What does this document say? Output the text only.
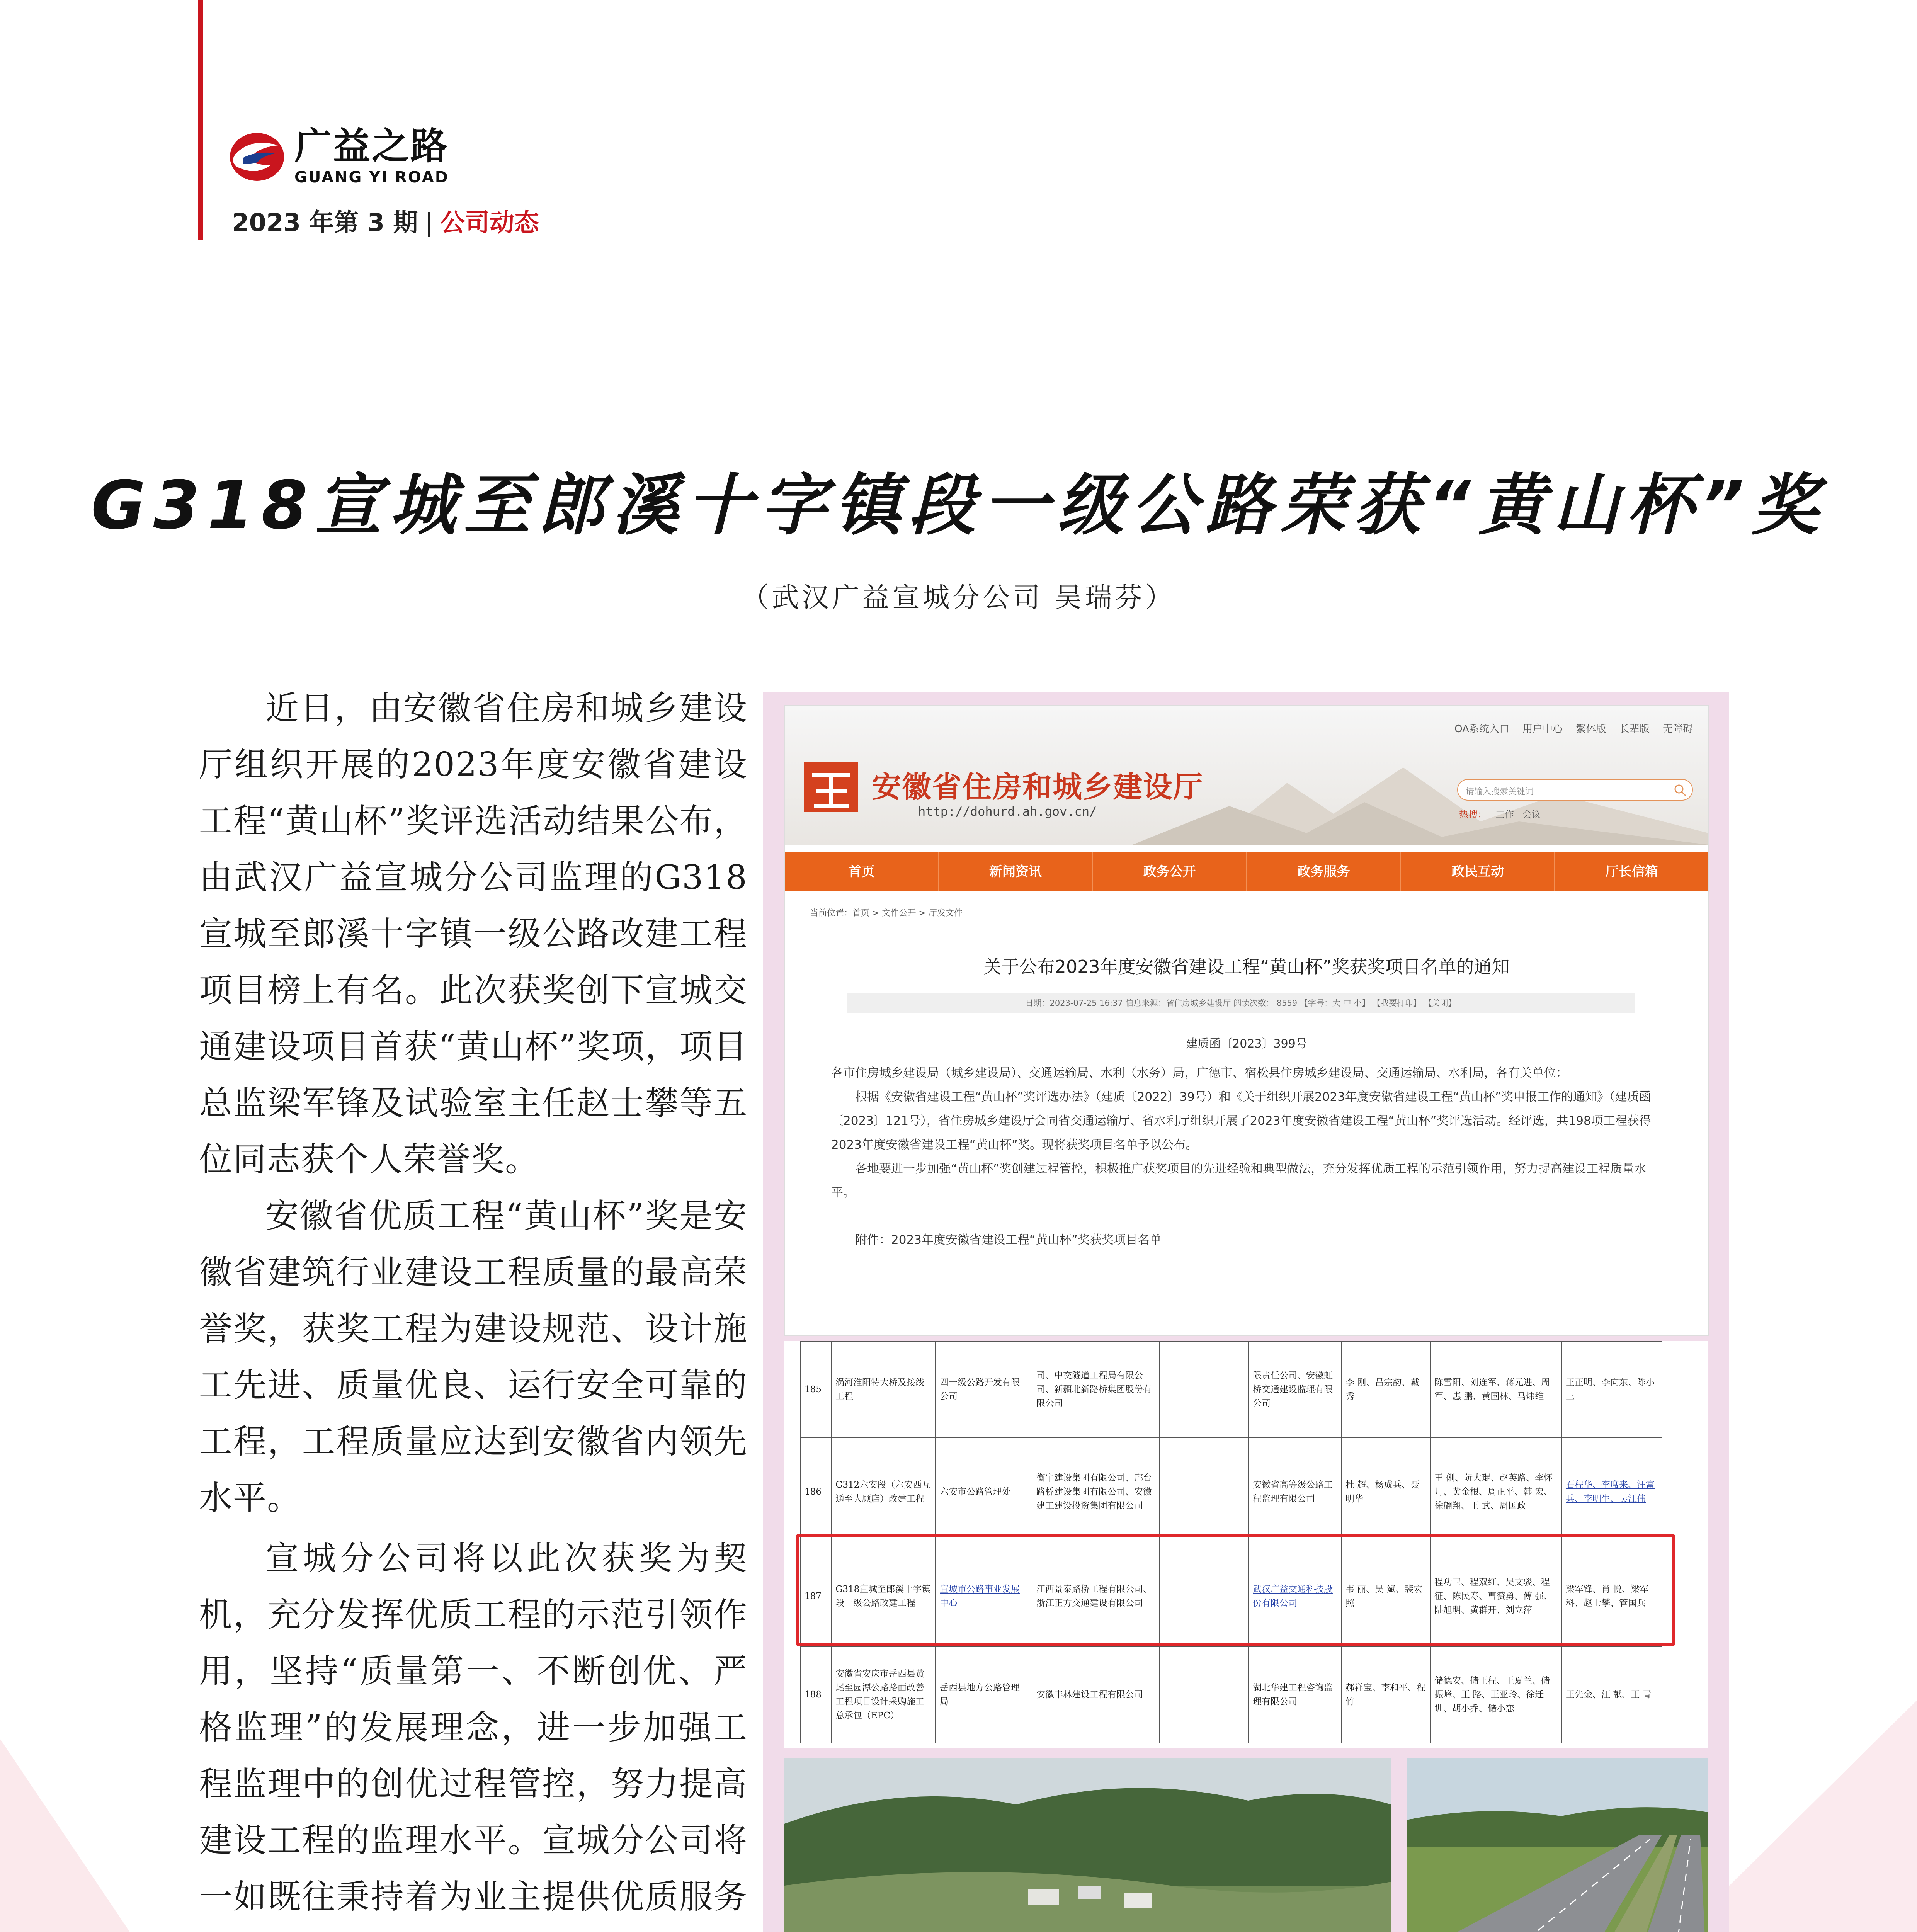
广益之路
GUANG YI ROAD
2023 年第 3 期 | 公司动态
G318宣城至郎溪十字镇段一级公路荣获“黄山杯”奖
（武汉广益宣城分公司 吴瑞芬）

近日，由安徽省住房和城乡建设厅组织开展的2023年度安徽省建设工程“黄山杯”奖评选活动结果公布，由武汉广益宣城分公司监理的G318宣城至郎溪十字镇一级公路改建工程项目榜上有名。此次获奖创下宣城交通建设项目首获“黄山杯”奖项，项目总监梁军锋及试验室主任赵士攀等五位同志获个人荣誉奖。

安徽省优质工程“黄山杯”奖是安徽省建筑行业建设工程质量的最高荣誉奖，获奖工程为建设规范、设计施工先进、质量优良、运行安全可靠的工程，工程质量应达到安徽省内领先水平。

宣城分公司将以此次获奖为契机，充分发挥优质工程的示范引领作用，坚持“质量第一、不断创优、严格监理”的发展理念，进一步加强工程监理中的创优过程管控，努力提高建设工程的监理水平。宣城分公司将一如既往秉持着为业主提供优质服务

OA系统入口 用户中心 繁体版 长辈版 无障碍
安徽省住房和城乡建设厅
http://dohurd.ah.gov.cn/
请输入搜索关键词
热搜： 工作 会议
首页	新闻资讯	政务公开	政务服务	政民互动	厅长信箱
当前位置：首页 > 文件公开 > 厅发文件
关于公布2023年度安徽省建设工程“黄山杯”奖获奖项目名单的通知
日期：2023-07-25 16:37 信息来源：省住房城乡建设厅 阅读次数： 8559 【字号：大 中 小】 【我要打印】 【关闭】
建质函〔2023〕399号

各市住房城乡建设局（城乡建设局）、交通运输局、水利（水务）局，广德市、宿松县住房城乡建设局、交通运输局、水利局，各有关单位：

根据《安徽省建设工程“黄山杯”奖评选办法》（建质〔2022〕39号）和《关于组织开展2023年度安徽省建设工程“黄山杯”奖申报工作的通知》（建质函〔2023〕121号），省住房城乡建设厅会同省交通运输厅、省水利厅组织开展了2023年度安徽省建设工程“黄山杯”奖评选活动。经评选，共198项工程获得2023年度安徽省建设工程“黄山杯”奖。现将获奖项目名单予以公布。

各地要进一步加强“黄山杯”奖创建过程管控，积极推广获奖项目的先进经验和典型做法，充分发挥优质工程的示范引领作用，努力提高建设工程质量水平。

附件：2023年度安徽省建设工程“黄山杯”奖获奖项目名单

185	涡河淮阳特大桥及接线工程	四一级公路开发有限公司	司、中交隧道工程局有限公司、新疆北新路桥集团股份有限公司		限责任公司、安徽虹桥交通建设监理有限公司	李 刚、吕宗韵、戴 秀	陈雪阳、刘连军、蒋元进、周 军、惠 鹏、黄国林、马炜维	王正明、李向东、陈小三
186	G312六安段（六安西互通至大顾店）改建工程	六安市公路管理处	衡宇建设集团有限公司、邢台路桥建设集团有限公司、安徽建工建设投资集团有限公司		安徽省高等级公路工程监理有限公司	杜 超、杨成兵、聂明华	王 俐、阮大琨、赵英路、李怀月、黄金根、周正平、韩 宏、徐翩翔、王 武、周国政	石程华、李席来、汪富兵、李明生、吴江伟
187	G318宣城至郎溪十字镇段一级公路改建工程	宣城市公路事业发展中心	江西景泰路桥工程有限公司、浙江正方交通建设有限公司		武汉广益交通科技股份有限公司	韦 丽、吴 斌、裴宏照	程功卫、程双红、吴文骏、程 征、陈民寿、曹赞勇、傅 强、陆旭明、黄群开、刘立萍	梁军锋、肖 悦、梁军科、赵士攀、管国兵
188	安徽省安庆市岳西县黄尾至园潭公路路面改善工程项目设计采购施工总承包（EPC）	岳西县地方公路管理局	安徽丰林建设工程有限公司		湖北华建工程咨询监理有限公司	郝祥宝、李和平、程 竹	储德安、储王程、王夏兰、储振峰、王 路、王亚玲、徐迁训、胡小乔、储小恋	王先金、汪 献、王 青
